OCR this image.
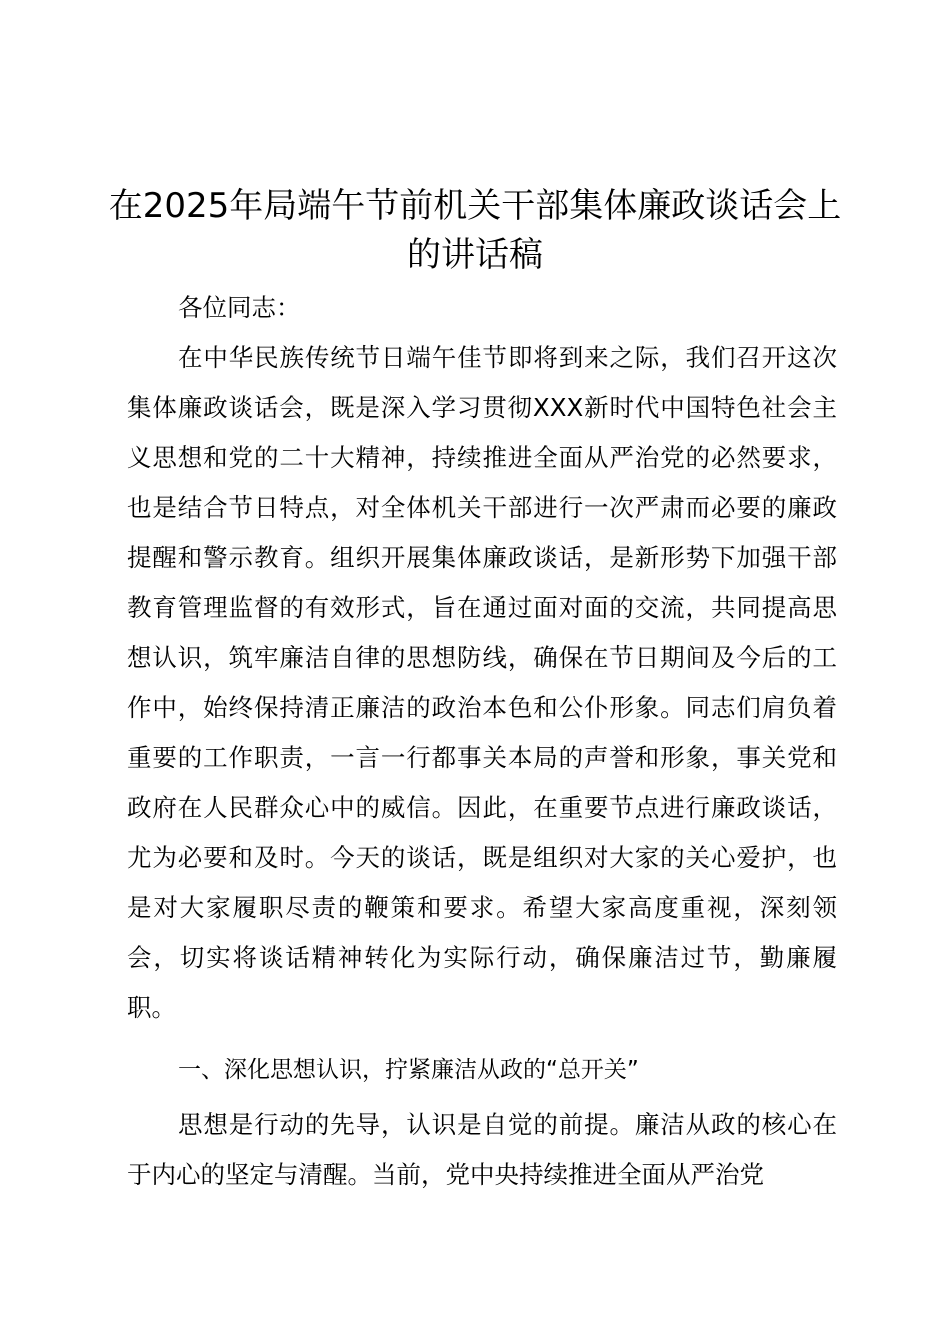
在2025年局端午节前机关干部集体廉政谈话会上的讲话稿

各位同志：

在中华民族传统节日端午佳节即将到来之际，我们召开这次集体廉政谈话会，既是深入学习贯彻XXX新时代中国特色社会主义思想和党的二十大精神，持续推进全面从严治党的必然要求，也是结合节日特点，对全体机关干部进行一次严肃而必要的廉政提醒和警示教育。组织开展集体廉政谈话，是新形势下加强干部教育管理监督的有效形式，旨在通过面对面的交流，共同提高思想认识，筑牢廉洁自律的思想防线，确保在节日期间及今后的工作中，始终保持清正廉洁的政治本色和公仆形象。同志们肩负着重要的工作职责，一言一行都事关本局的声誉和形象，事关党和政府在人民群众心中的威信。因此，在重要节点进行廉政谈话，尤为必要和及时。今天的谈话，既是组织对大家的关心爱护，也是对大家履职尽责的鞭策和要求。希望大家高度重视，深刻领会，切实将谈话精神转化为实际行动，确保廉洁过节，勤廉履职。

一、深化思想认识，拧紧廉洁从政的“总开关”

思想是行动的先导，认识是自觉的前提。廉洁从政的核心在于内心的坚定与清醒。当前，党中央持续推进全面从严治党
